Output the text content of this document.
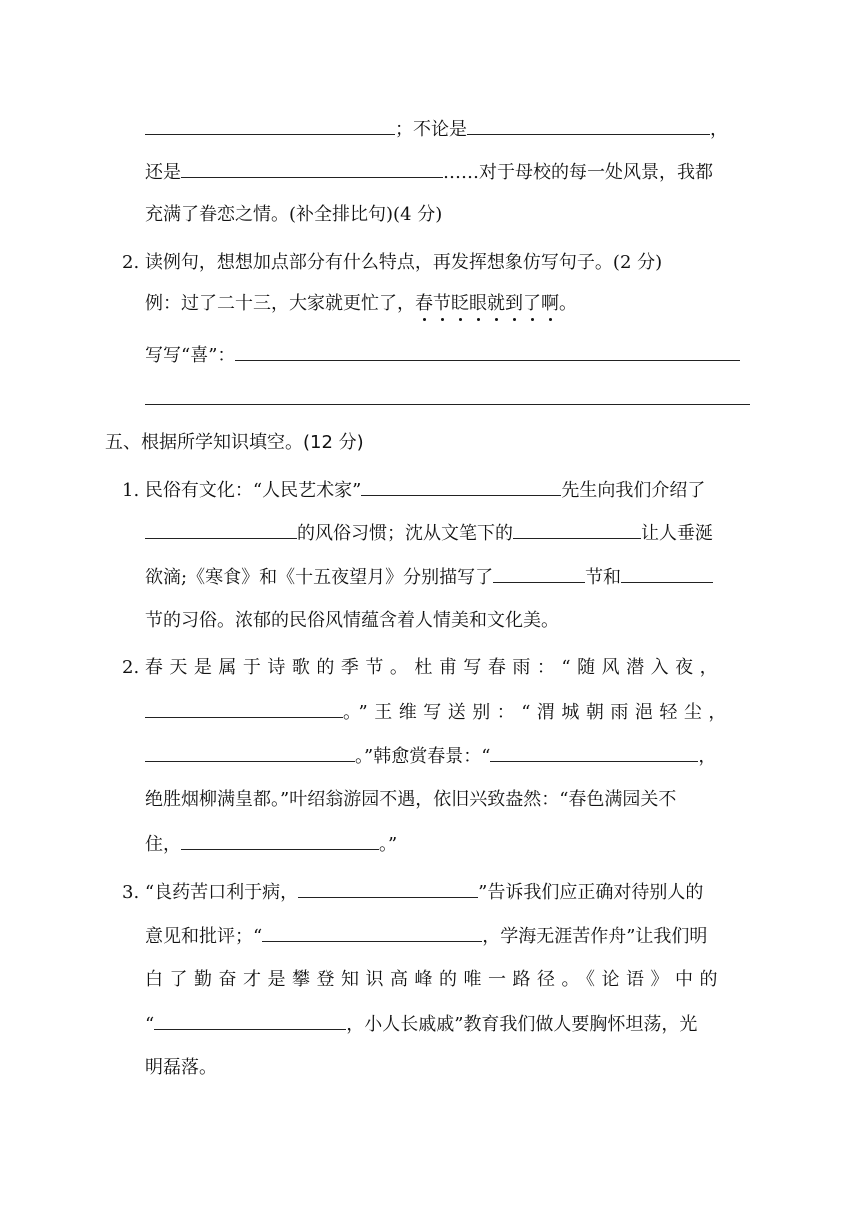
；不论是	，
还是	……对于母校的每一处风景，我都
充满了眷恋之情。(补全排比句)(4 分)
2. 读例句，想想加点部分有什么特点，再发挥想象仿写句子。(2 分)
例：过了二十三，大家就更忙了，春
节
眨
眼
就
到
了
啊
。
写写“喜”：
五、根据所学知识填空。(12 分)
1. 民俗有文化：“人民艺术家”	先生向我们介绍了
的风俗习惯；沈从文笔下的	让人垂涎
欲滴;《寒食》和《十五夜望月》分别描写了	节和
节的习俗。浓郁的民俗风情蕴含着人情美和文化美。
2. 春天是属于诗歌的季节。杜甫写春雨：“随风潜入夜，
。”王维写送别：“渭城朝雨浥轻尘，
。”韩愈赏春景：“	，
绝胜烟柳满皇都。”叶绍翁游园不遇，依旧兴致盎然：“春色满园关不
住，	。”
3. “良药苦口利于病，	”告诉我们应正确对待别人的
意见和批评；“	，学海无涯苦作舟”让我们明
白了勤奋才是攀登知识高峰的唯一路径。《论语》中的
“	，小人长戚戚”教育我们做人要胸怀坦荡，光
明磊落。
